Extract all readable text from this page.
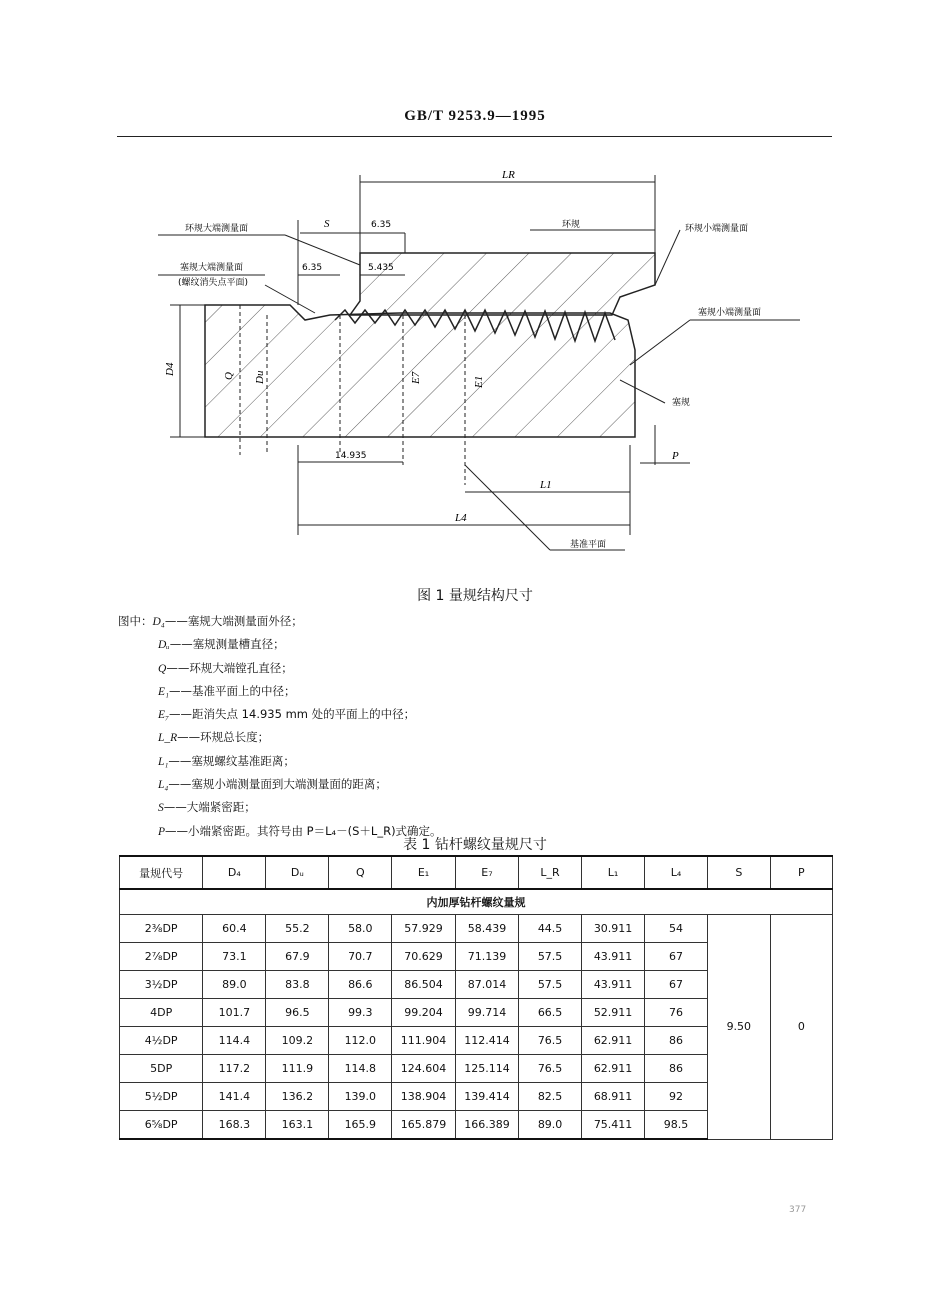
GB/T 9253.9—1995
LR
S	6.35
6.35	5.435
14.935	P
L1
L4
D4
Q Du	E7	E1
环规大端测量面
塞规大端测量面
(螺纹消失点平面)
环规	环规小端测量面
塞规小端测量面
塞规
基准平面
图 1 量规结构尺寸
图中：D₄——塞规大端测量面外径；
Dᵤ——塞规测量槽直径；
Q——环规大端镗孔直径；
E₁——基准平面上的中径；
E₇——距消失点 14.935 mm 处的平面上的中径；
L_R——环规总长度；
L₁——塞规螺纹基准距离；
L₄——塞规小端测量面到大端测量面的距离；
S——大端紧密距；
P——小端紧密距。其符号由 P＝L₄－(S＋L_R)式确定。
表 1 钻杆螺纹量规尺寸
量规代号	D₄	Dᵤ	Q	E₁	E₇	L_R	L₁	L₄	S	P
内加厚钻杆螺纹量规										
2⅜DP	60.4	55.2	58.0	57.929	58.439	44.5	30.911	54	9.50	0
2⅞DP	73.1	67.9	70.7	70.629	71.139	57.5	43.911	67		
3½DP	89.0	83.8	86.6	86.504	87.014	57.5	43.911	67		
4DP	101.7	96.5	99.3	99.204	99.714	66.5	52.911	76		
4½DP	114.4	109.2	112.0	111.904	112.414	76.5	62.911	86		
5DP	117.2	111.9	114.8	124.604	125.114	76.5	62.911	86		
5½DP	141.4	136.2	139.0	138.904	139.414	82.5	68.911	92		
6⅝DP	168.3	163.1	165.9	165.879	166.389	89.0	75.411	98.5		
377
